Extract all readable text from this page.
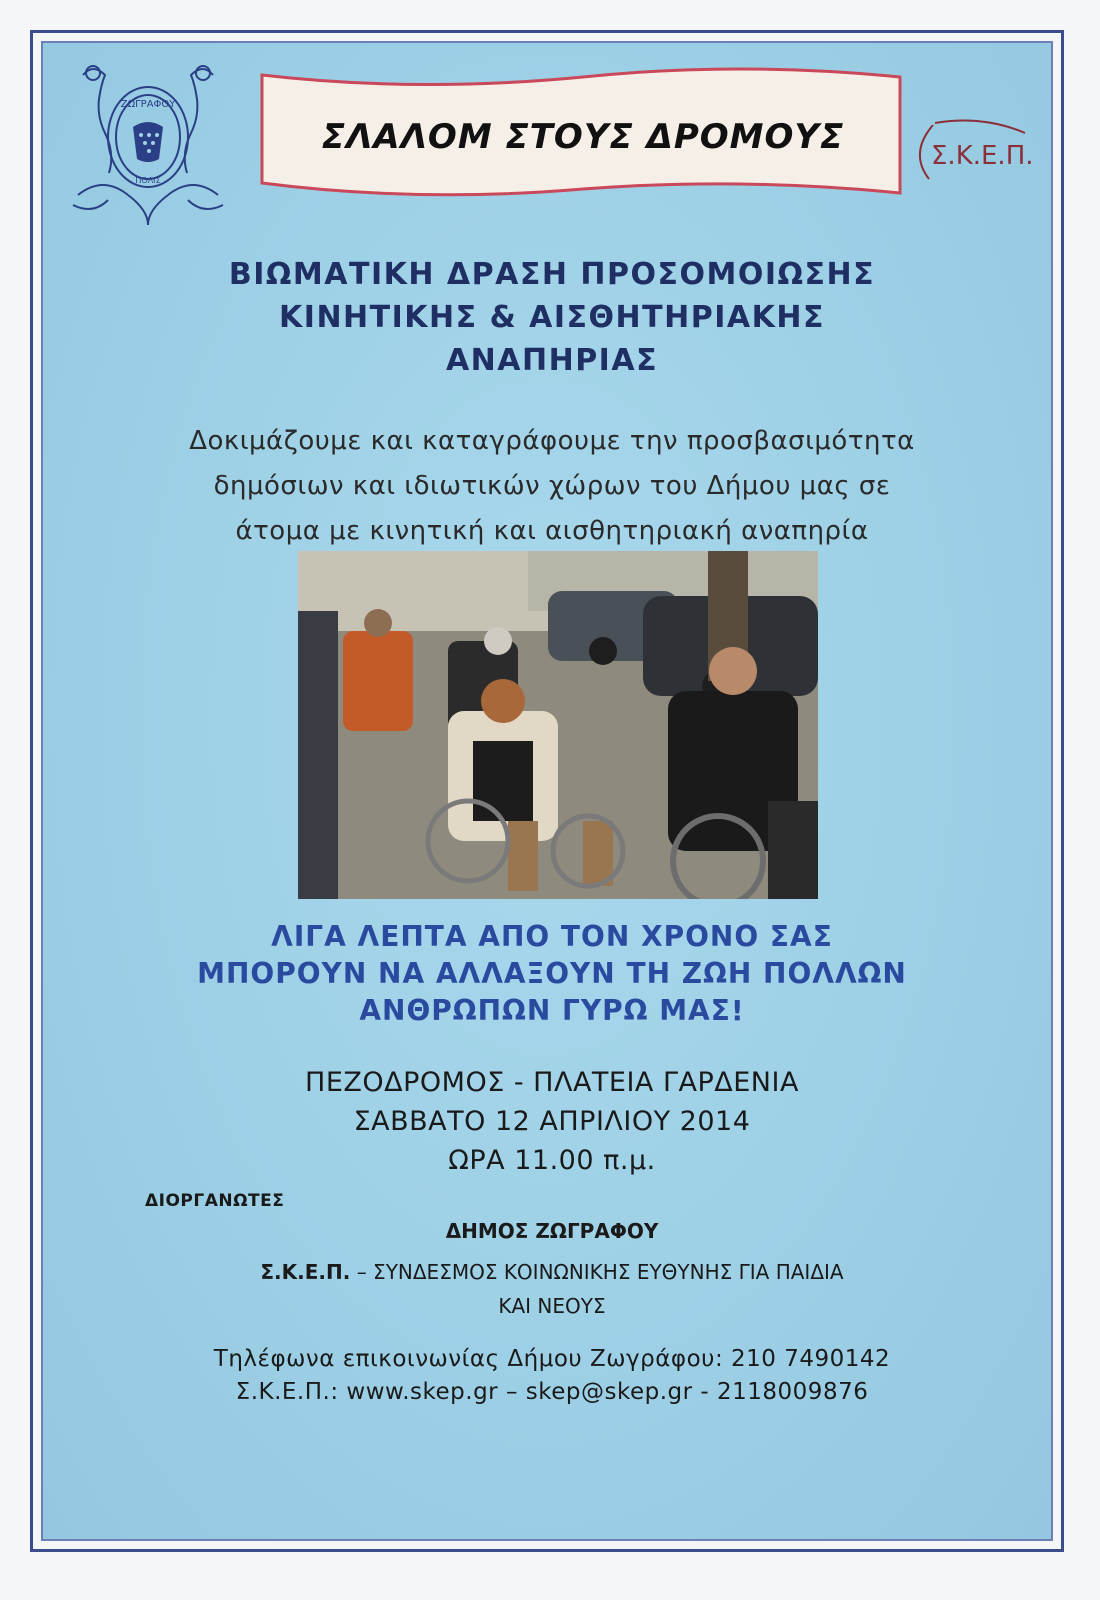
ΖΩΓΡΑΦΟΥ
ΠΟΛΙΣ
ΣΛΑΛΟΜ ΣΤΟΥΣ ΔΡΟΜΟΥΣ	Σ.Κ.Ε.Π.
ΒΙΩΜΑΤΙΚΗ ΔΡΑΣΗ ΠΡΟΣΟΜΟΙΩΣΗΣ
ΚΙΝΗΤΙΚΗΣ & ΑΙΣΘΗΤΗΡΙΑΚΗΣ
ΑΝΑΠΗΡΙΑΣ
Δοκιμάζουμε και καταγράφουμε την προσβασιμότητα
δημόσιων και ιδιωτικών χώρων του Δήμου μας σε
άτομα με κινητική και αισθητηριακή αναπηρία
ΛΙΓΑ ΛΕΠΤΑ ΑΠΟ ΤΟΝ ΧΡΟΝΟ ΣΑΣ
ΜΠΟΡΟΥΝ ΝΑ ΑΛΛΑΞΟΥΝ ΤΗ ΖΩΗ ΠΟΛΛΩΝ
ΑΝΘΡΩΠΩΝ ΓΥΡΩ ΜΑΣ!
ΠΕΖΟΔΡΟΜΟΣ - ΠΛΑΤΕΙΑ ΓΑΡΔΕΝΙΑ
ΣΑΒΒΑΤΟ 12 ΑΠΡΙΛΙΟΥ 2014
ΩΡΑ 11.00 π.μ.
ΔΙΟΡΓΑΝΩΤΕΣ
ΔΗΜΟΣ ΖΩΓΡΑΦΟΥ
Σ.Κ.Ε.Π. – ΣΥΝΔΕΣΜΟΣ ΚΟΙΝΩΝΙΚΗΣ ΕΥΘΥΝΗΣ ΓΙΑ ΠΑΙΔΙΑ
ΚΑΙ ΝΕΟΥΣ
Τηλέφωνα επικοινωνίας Δήμου Ζωγράφου: 210 7490142
Σ.Κ.Ε.Π.: www.skep.gr – skep@skep.gr - 2118009876
